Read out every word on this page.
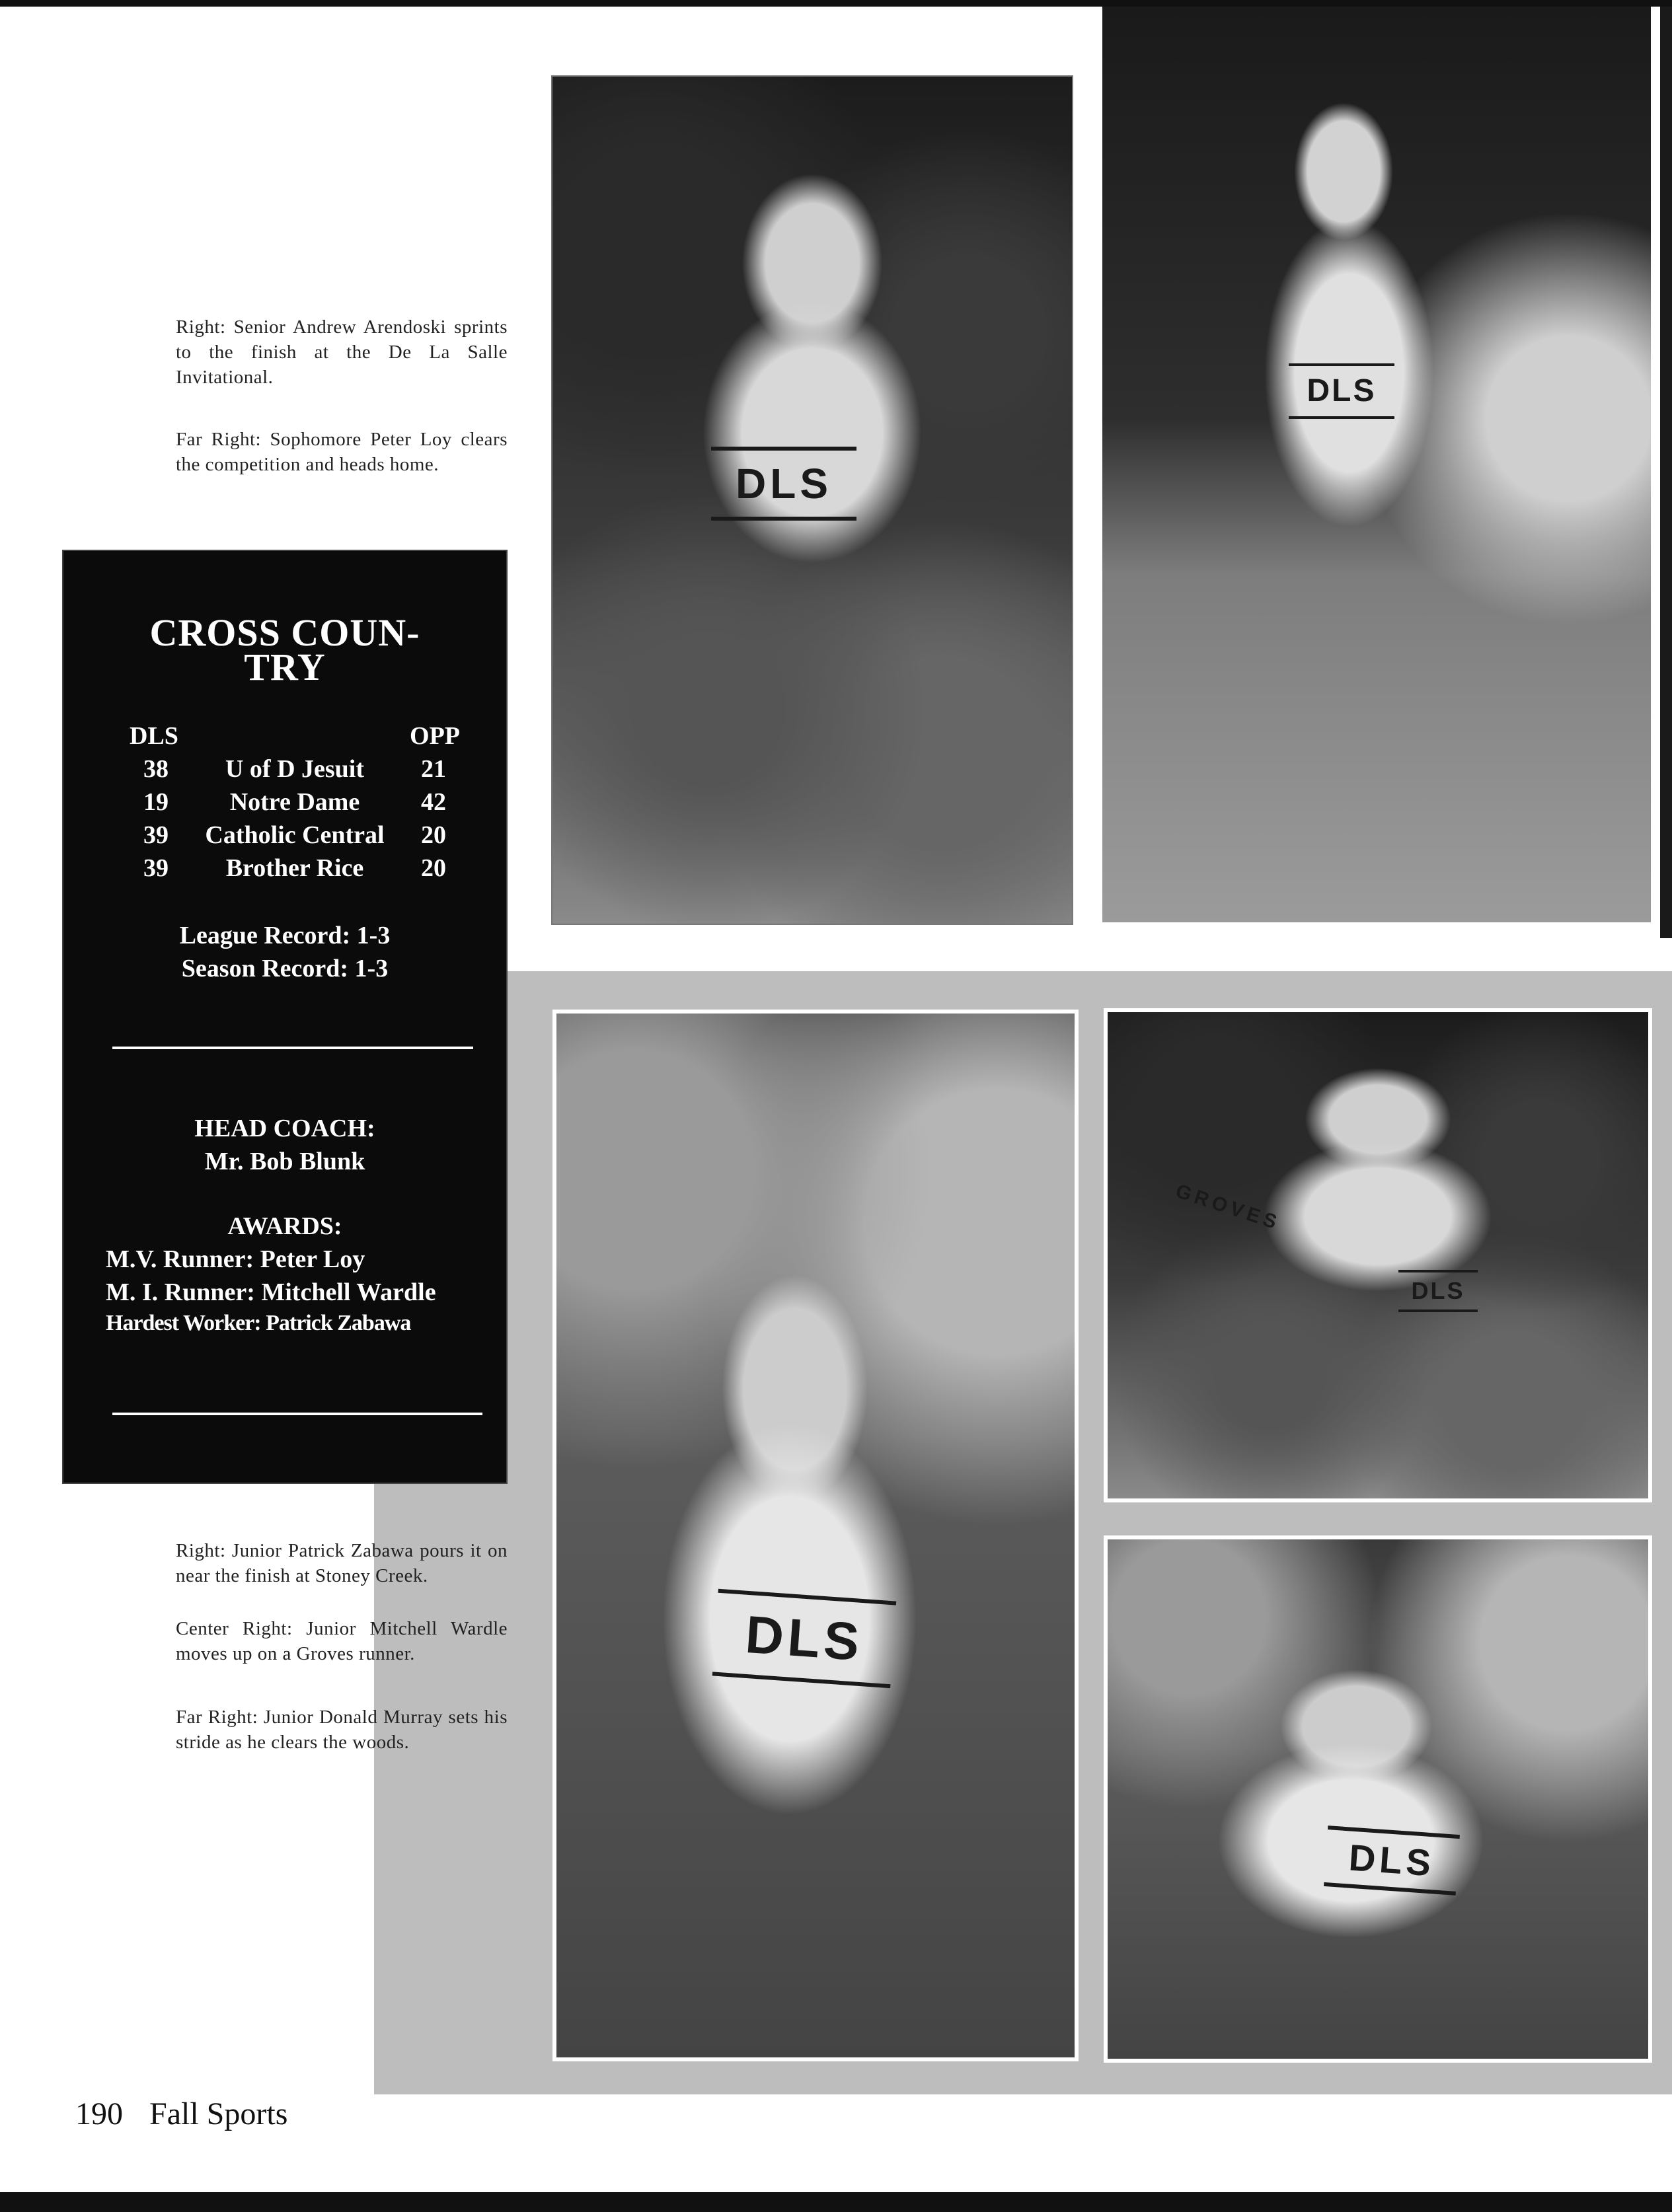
DLS
DLS
DLS
GROVES
DLS
DLS
Right: Senior Andrew Arendoski sprints to the finish at the De La Salle Invitational.
Far Right: Sophomore Peter Loy clears the competition and heads home.
Right: Junior Patrick Zabawa pours it on near the finish at Stoney Creek.
Center Right: Junior Mitchell Wardle moves up on a Groves runner.
Far Right: Junior Donald Murray sets his stride as he clears the woods.
CROSS COUN-
TRY
DLS		OPP
38	U of D Jesuit	21
19	Notre Dame	42
39	Catholic Central	20
39	Brother Rice	20
League Record: 1-3
Season Record: 1-3
HEAD COACH:
Mr. Bob Blunk
AWARDS:
M.V. Runner: Peter Loy
M. I. Runner: Mitchell Wardle
Hardest Worker: Patrick Zabawa
190 Fall Sports
